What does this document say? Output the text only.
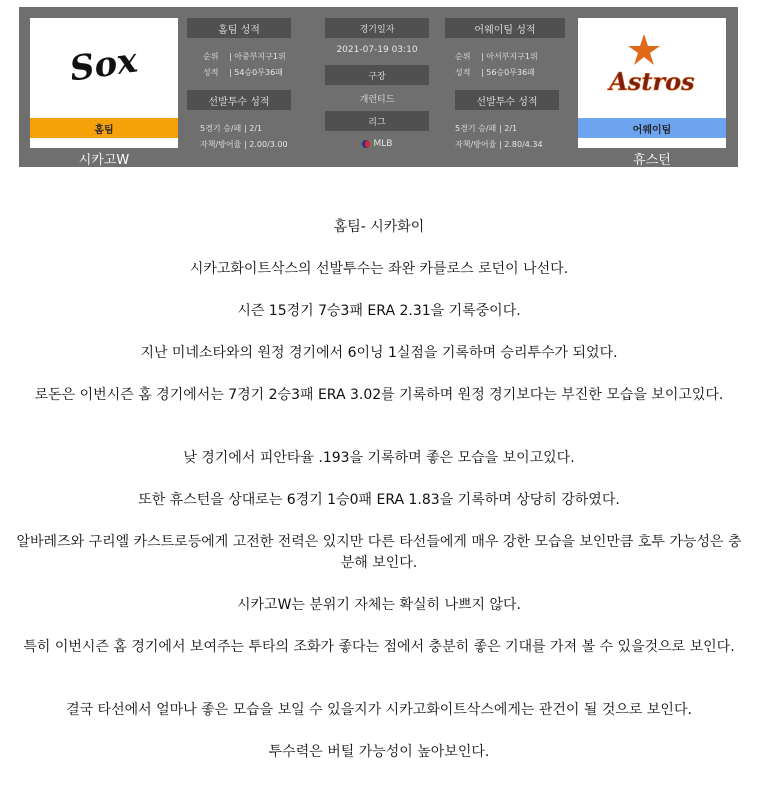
Sox
홈팀
시카고W
홈팀 성적
순위 | 아중부지구1위
성적 | 54승0무36패
선발투수 성적
5경기 승/패 | 2/1
자책/방어율 | 2.00/3.00
경기일자
2021-07-19 03:10
구장
개런티드
리그
MLB
어웨이팀 성적
순위 | 아서부지구1위
성적 | 56승0무36패
선발투수 성적
5경기 승/패 | 2/1
자책/방어율 | 2.80/4.34
Astros
어웨이팀
휴스턴
홈팀- 시카화이
시카고화이트삭스의 선발투수는 좌완 카를로스 로던이 나선다.
시즌 15경기 7승3패 ERA 2.31을 기록중이다.
지난 미네소타와의 원정 경기에서 6이닝 1실점을 기록하며 승리투수가 되었다.
로돈은 이번시즌 홈 경기에서는 7경기 2승3패 ERA 3.02를 기록하며 원정 경기보다는 부진한 모습을 보이고있다.
낮 경기에서 피안타율 .193을 기록하며 좋은 모습을 보이고있다.
또한 휴스턴을 상대로는 6경기 1승0패 ERA 1.83을 기록하며 상당히 강하였다.
알바레즈와 구리엘 카스트로등에게 고전한 전력은 있지만 다른 타선들에게 매우 강한 모습을 보인만큼 호투 가능성은 충분해 보인다.
시카고W는 분위기 자체는 확실히 나쁘지 않다.
특히 이번시즌 홈 경기에서 보여주는 투타의 조화가 좋다는 점에서 충분히 좋은 기대를 가져 볼 수 있을것으로 보인다.
결국 타선에서 얼마나 좋은 모습을 보일 수 있을지가 시카고화이트삭스에게는 관건이 될 것으로 보인다.
투수력은 버틸 가능성이 높아보인다.
